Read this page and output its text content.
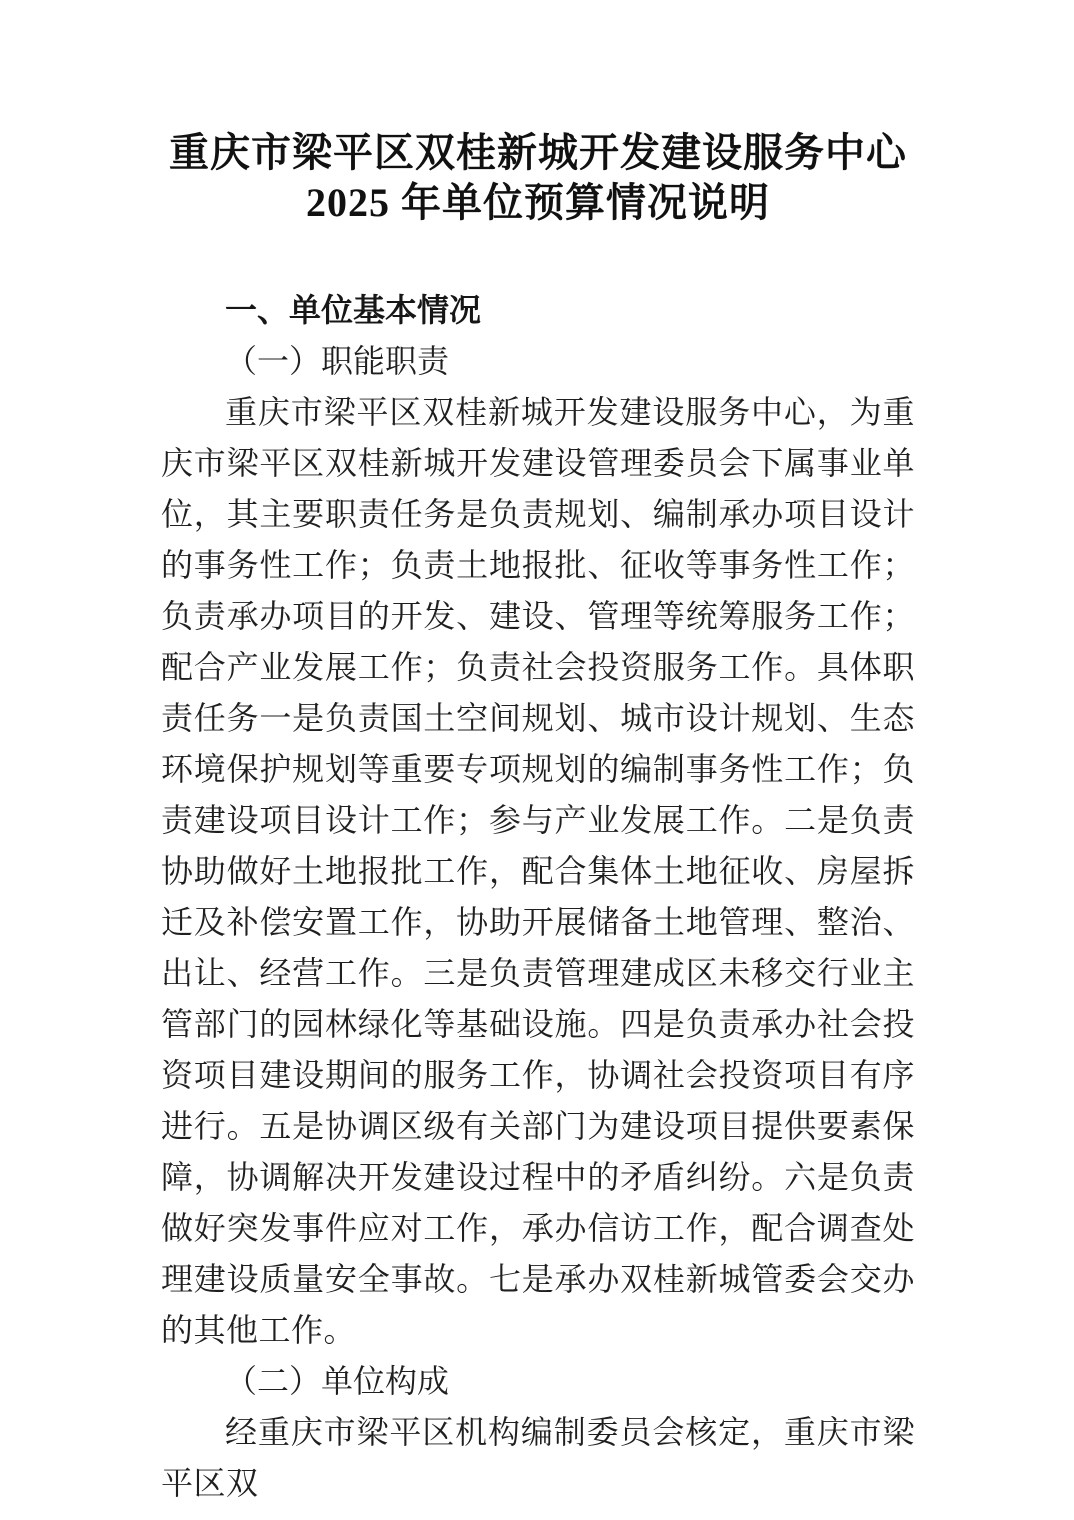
重庆市梁平区双桂新城开发建设服务中心
2025 年单位预算情况说明
一、单位基本情况
（一）职能职责
重庆市梁平区双桂新城开发建设服务中心，为重庆市梁平区双桂新城开发建设管理委员会下属事业单位，其主要职责任务是负责规划、编制承办项目设计的事务性工作；负责土地报批、征收等事务性工作；负责承办项目的开发、建设、管理等统筹服务工作；配合产业发展工作；负责社会投资服务工作。具体职责任务一是负责国土空间规划、城市设计规划、生态环境保护规划等重要专项规划的编制事务性工作；负责建设项目设计工作；参与产业发展工作。二是负责协助做好土地报批工作，配合集体土地征收、房屋拆迁及补偿安置工作，协助开展储备土地管理、整治、出让、经营工作。三是负责管理建成区未移交行业主管部门的园林绿化等基础设施。四是负责承办社会投资项目建设期间的服务工作，协调社会投资项目有序进行。五是协调区级有关部门为建设项目提供要素保障，协调解决开发建设过程中的矛盾纠纷。六是负责做好突发事件应对工作，承办信访工作，配合调查处理建设质量安全事故。七是承办双桂新城管委会交办的其他工作。
（二）单位构成
经重庆市梁平区机构编制委员会核定，重庆市梁平区双
